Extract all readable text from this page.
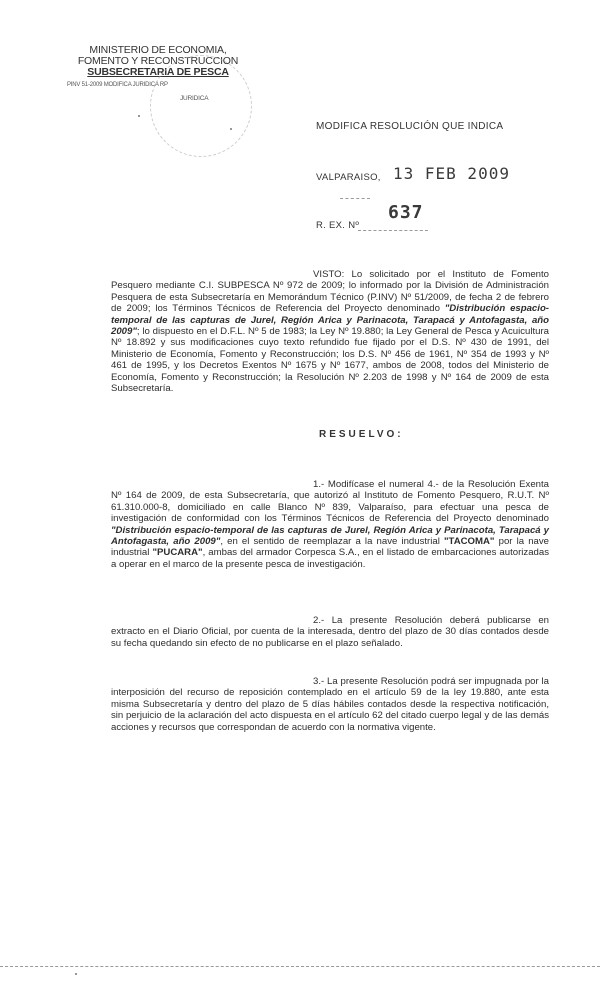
MINISTERIO DE ECONOMIA,
FOMENTO Y RECONSTRUCCION
SUBSECRETARIA DE PESCA
PINV 51-2009 MODIFICA JURIDICA RP
JURIDICA
MODIFICA RESOLUCIÓN QUE INDICA
VALPARAISO, 13 FEB 2009
R. EX. Nº
637
VISTO: Lo solicitado por el Instituto de Fomento Pesquero mediante C.I. SUBPESCA Nº 972 de 2009; lo informado por la División de Administración Pesquera de esta Subsecretaría en Memorándum Técnico (P.INV) Nº 51/2009, de fecha 2 de febrero de 2009; los Términos Técnicos de Referencia del Proyecto denominado "Distribución espacio-temporal de las capturas de Jurel, Región Arica y Parinacota, Tarapacá y Antofagasta, año 2009"; lo dispuesto en el D.F.L. Nº 5 de 1983; la Ley Nº 19.880; la Ley General de Pesca y Acuicultura Nº 18.892 y sus modificaciones cuyo texto refundido fue fijado por el D.S. Nº 430 de 1991, del Ministerio de Economía, Fomento y Reconstrucción; los D.S. Nº 456 de 1961, Nº 354 de 1993 y Nº 461 de 1995, y los Decretos Exentos Nº 1675 y Nº 1677, ambos de 2008, todos del Ministerio de Economía, Fomento y Reconstrucción; la Resolución Nº 2.203 de 1998 y Nº 164 de 2009 de esta Subsecretaría.
RESUELVO:
1.- Modifícase el numeral 4.- de la Resolución Exenta Nº 164 de 2009, de esta Subsecretaría, que autorizó al Instituto de Fomento Pesquero, R.U.T. Nº 61.310.000-8, domiciliado en calle Blanco Nº 839, Valparaíso, para efectuar una pesca de investigación de conformidad con los Términos Técnicos de Referencia del Proyecto denominado "Distribución espacio-temporal de las capturas de Jurel, Región Arica y Parinacota, Tarapacá y Antofagasta, año 2009", en el sentido de reemplazar a la nave industrial "TACOMA" por la nave industrial "PUCARA", ambas del armador Corpesca S.A., en el listado de embarcaciones autorizadas a operar en el marco de la presente pesca de investigación.
2.- La presente Resolución deberá publicarse en extracto en el Diario Oficial, por cuenta de la interesada, dentro del plazo de 30 días contados desde su fecha quedando sin efecto de no publicarse en el plazo señalado.
3.- La presente Resolución podrá ser impugnada por la interposición del recurso de reposición contemplado en el artículo 59 de la ley 19.880, ante esta misma Subsecretaría y dentro del plazo de 5 días hábiles contados desde la respectiva notificación, sin perjuicio de la aclaración del acto dispuesta en el artículo 62 del citado cuerpo legal y de las demás acciones y recursos que correspondan de acuerdo con la normativa vigente.
